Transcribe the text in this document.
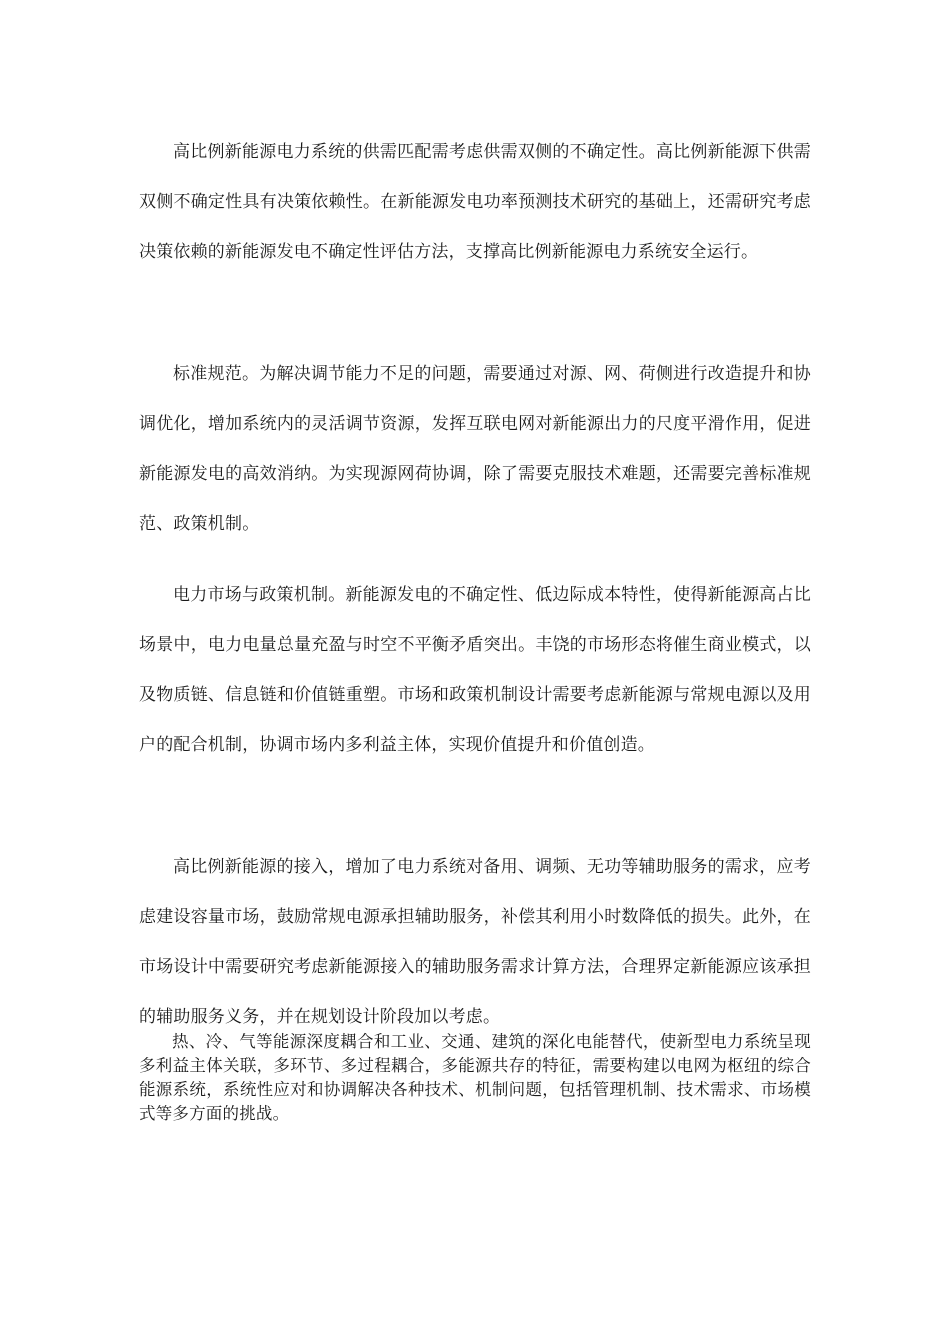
高比例新能源电力系统的供需匹配需考虑供需双侧的不确定性。高比例新能源下供需双侧不确定性具有决策依赖性。在新能源发电功率预测技术研究的基础上，还需研究考虑决策依赖的新能源发电不确定性评估方法，支撑高比例新能源电力系统安全运行。

标准规范。为解决调节能力不足的问题，需要通过对源、网、荷侧进行改造提升和协调优化，增加系统内的灵活调节资源，发挥互联电网对新能源出力的尺度平滑作用，促进新能源发电的高效消纳。为实现源网荷协调，除了需要克服技术难题，还需要完善标准规范、政策机制。

电力市场与政策机制。新能源发电的不确定性、低边际成本特性，使得新能源高占比场景中，电力电量总量充盈与时空不平衡矛盾突出。丰饶的市场形态将催生商业模式，以及物质链、信息链和价值链重塑。市场和政策机制设计需要考虑新能源与常规电源以及用户的配合机制，协调市场内多利益主体，实现价值提升和价值创造。

高比例新能源的接入，增加了电力系统对备用、调频、无功等辅助服务的需求，应考虑建设容量市场，鼓励常规电源承担辅助服务，补偿其利用小时数降低的损失。此外，在市场设计中需要研究考虑新能源接入的辅助服务需求计算方法，合理界定新能源应该承担的辅助服务义务，并在规划设计阶段加以考虑。

热、冷、气等能源深度耦合和工业、交通、建筑的深化电能替代，使新型电力系统呈现多利益主体关联，多环节、多过程耦合，多能源共存的特征，需要构建以电网为枢纽的综合能源系统，系统性应对和协调解决各种技术、机制问题，包括管理机制、技术需求、市场模式等多方面的挑战。
